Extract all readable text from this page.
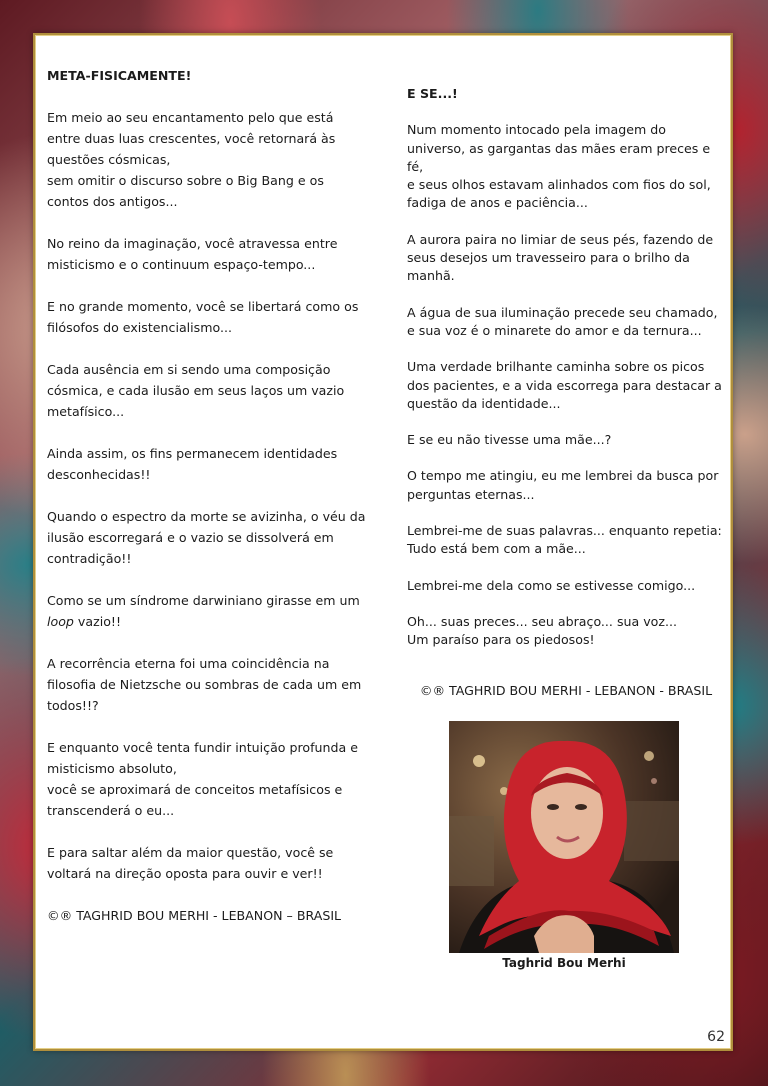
META-FISICAMENTE!

Em meio ao seu encantamento pelo que está entre duas luas crescentes, você retornará às questões cósmicas,
sem omitir o discurso sobre o Big Bang e os contos dos antigos...

No reino da imaginação, você atravessa entre misticismo e o continuum espaço-tempo...

E no grande momento, você se libertará como os filósofos do existencialismo...

Cada ausência em si sendo uma composição cósmica, e cada ilusão em seus laços um vazio metafísico...

Ainda assim, os fins permanecem identidades desconhecidas!!

Quando o espectro da morte se avizinha, o véu da ilusão escorregará e o vazio se dissolverá em contradição!!

Como se um síndrome darwiniano girasse em um
loop vazio!!

A recorrência eterna foi uma coincidência na filosofia de Nietzsche ou sombras de cada um em todos!!?

E enquanto você tenta fundir intuição profunda e misticismo absoluto,
você se aproximará de conceitos metafísicos e transcenderá o eu...

E para saltar além da maior questão, você se voltará na direção oposta para ouvir e ver!!

©® TAGHRID BOU MERHI - LEBANON – BRASIL

E SE...!

Num momento intocado pela imagem do universo, as gargantas das mães eram preces e fé,
e seus olhos estavam alinhados com fios do sol, fadiga de anos e paciência...

A aurora paira no limiar de seus pés, fazendo de seus desejos um travesseiro para o brilho da manhã.

A água de sua iluminação precede seu chamado, e sua voz é o minarete do amor e da ternura...

Uma verdade brilhante caminha sobre os picos dos pacientes, e a vida escorrega para destacar a questão da identidade...

E se eu não tivesse uma mãe...?

O tempo me atingiu, eu me lembrei da busca por perguntas eternas...

Lembrei-me de suas palavras... enquanto repetia:
Tudo está bem com a mãe...

Lembrei-me dela como se estivesse comigo...

Oh... suas preces... seu abraço... sua voz...
Um paraíso para os piedosos!

©® TAGHRID BOU MERHI - LEBANON - BRASIL

Taghrid Bou Merhi
62
